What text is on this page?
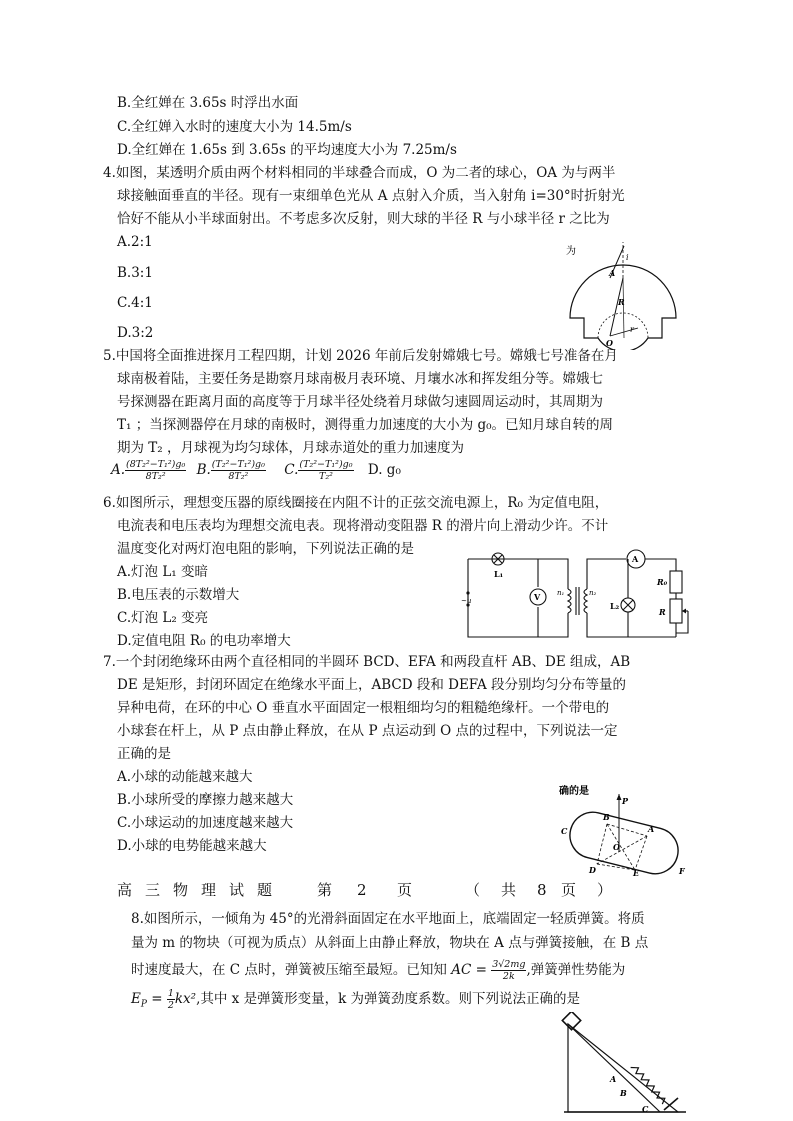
B.全红婵在 3.65s 时浮出水面
C.全红婵入水时的速度大小为 14.5m/s
D.全红婵在 1.65s 到 3.65s 的平均速度大小为 7.25m/s
4.如图，某透明介质由两个材料相同的半球叠合而成，O 为二者的球心，OA 为与两半
球接触面垂直的半径。现有一束细单色光从 A 点射入介质，当入射角 i=30°时折射光
恰好不能从小半球面射出。不考虑多次反射，则大球的半径 R 与小球半径 r 之比为
A.2:1
B.3:1
C.4:1
D.3:2
为
i
A
R
O
r
5.中国将全面推进探月工程四期，计划 2026 年前后发射嫦娥七号。嫦娥七号准备在月
球南极着陆，主要任务是勘察月球南极月表环境、月壤水冰和挥发组分等。嫦娥七
号探测器在距离月面的高度等于月球半径处绕着月球做匀速圆周运动时，其周期为
T₁ ；当探测器停在月球的南极时，测得重力加速度的大小为 g₀。已知月球自转的周
期为 T₂ ，月球视为均匀球体，月球赤道处的重力加速度为
A. $\frac{\text{(8T₂²−T₁²)g₀}}{\text{8T₂²}} B$. $\frac{\text{(T₂²−T₁²)g₀}}{\text{8T₂²}} C$. $\frac{\text{(T₂²−T₁²)g₀}}{\text{T₂²}} D$. g₀
6.如图所示，理想变压器的原线圈接在内阻不计的正弦交流电源上，R₀ 为定值电阻，
电流表和电压表均为理想交流电表。现将滑动变阻器 R 的滑片向上滑动少许。不计
温度变化对两灯泡电阻的影响，下列说法正确的是
A.灯泡 L₁ 变暗
B.电压表的示数增大
C.灯泡 L₂ 变亮
D.定值电阻 R₀ 的电功率增大
L₁
~u	V n₁	n₂
A
L₂
R₀
R
7.一个封闭绝缘环由两个直径相同的半圆环 BCD、EFA 和两段直杆 AB、DE 组成，AB
DE 是矩形，封闭环固定在绝缘水平面上，ABCD 段和 DEFA 段分别均匀分布等量的
异种电荷，在环的中心 O 垂直水平面固定一根粗细均匀的粗糙绝缘杆。一个带电的
小球套在杆上，从 P 点由静止释放，在从 P 点运动到 O 点的过程中，下列说法一定
正确的是
A.小球的动能越来越大
B.小球所受的摩擦力越来越大
C.小球运动的加速度越来越大
D.小球的电势能越来越大
确的是
P
B
A
C
O
F
D	E
高 三 物 理 试 题	第 2 页	（ 共 8 页 ）
8.如图所示，一倾角为 45°的光滑斜面固定在水平地面上，底端固定一轻质弹簧。将质
量为 m 的物块（可视为质点）从斜面上由静止释放，物块在 A 点与弹簧接触，在 B 点
时速度最大，在 C 点时，弹簧被压缩至最短。已知知 AC = $\frac{3√2mg}{2k}$ ,弹簧弹性势能为
$E_P = \frac{1}{2} kx^2$,其中 x 是弹簧形变量，k 为弹簧劲度系数。则下列说法正确的是
A
B
C
